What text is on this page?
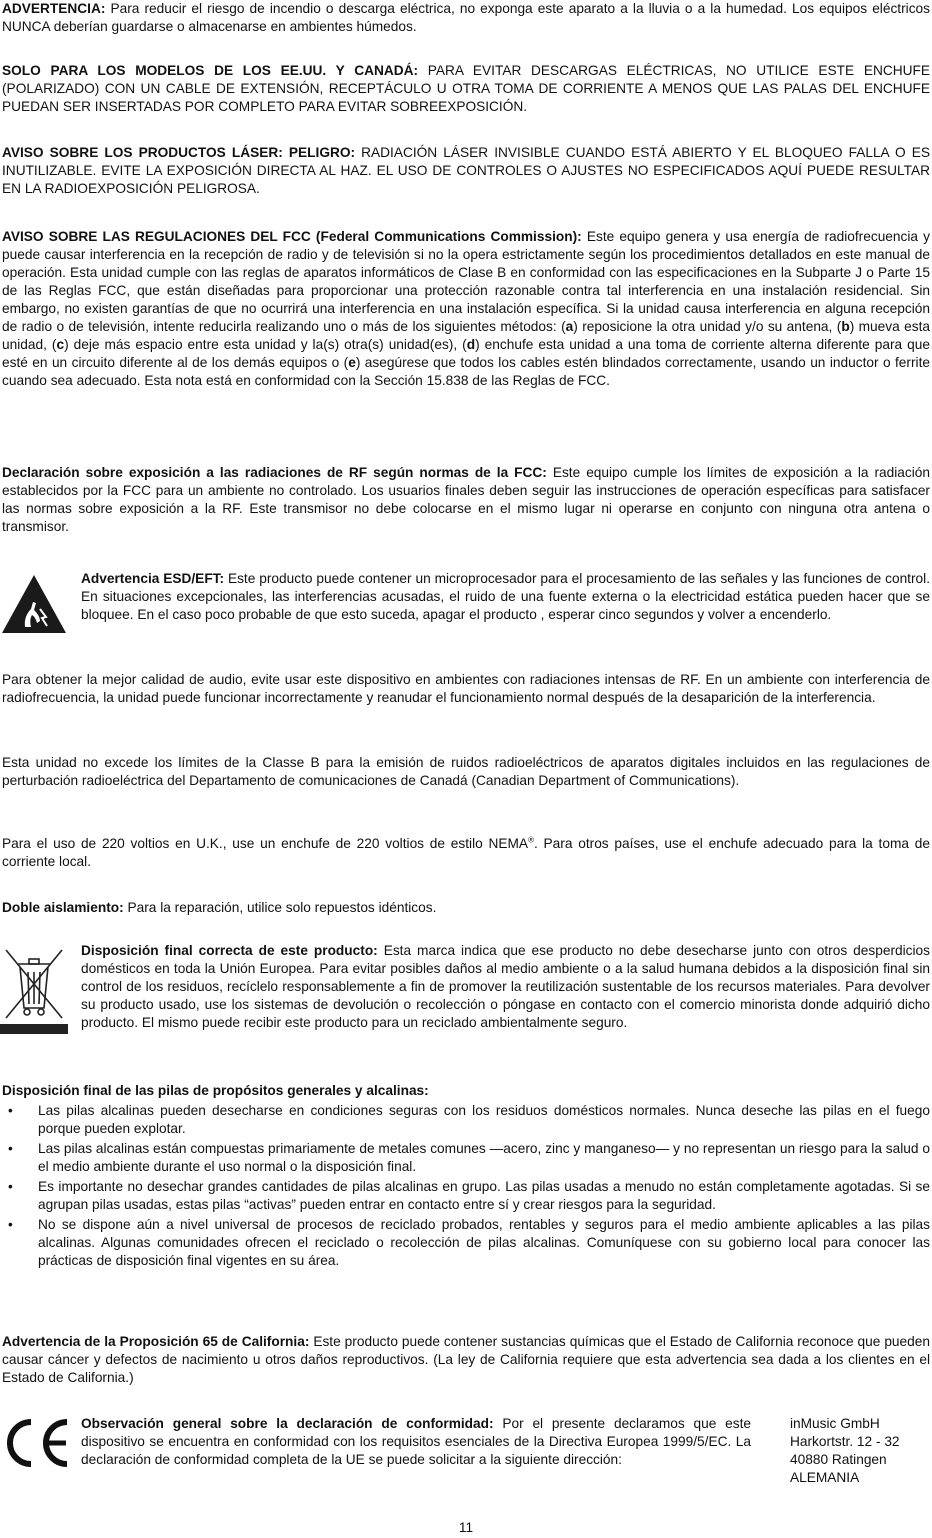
ADVERTENCIA: Para reducir el riesgo de incendio o descarga eléctrica, no exponga este aparato a la lluvia o a la humedad. Los equipos eléctricos NUNCA deberían guardarse o almacenarse en ambientes húmedos.

SOLO PARA LOS MODELOS DE LOS EE.UU. Y CANADÁ: PARA EVITAR DESCARGAS ELÉCTRICAS, NO UTILICE ESTE ENCHUFE (POLARIZADO) CON UN CABLE DE EXTENSIÓN, RECEPTÁCULO U OTRA TOMA DE CORRIENTE A MENOS QUE LAS PALAS DEL ENCHUFE PUEDAN SER INSERTADAS POR COMPLETO PARA EVITAR SOBREEXPOSICIÓN.

AVISO SOBRE LOS PRODUCTOS LÁSER: PELIGRO: RADIACIÓN LÁSER INVISIBLE CUANDO ESTÁ ABIERTO Y EL BLOQUEO FALLA O ES INUTILIZABLE. EVITE LA EXPOSICIÓN DIRECTA AL HAZ. EL USO DE CONTROLES O AJUSTES NO ESPECIFICADOS AQUÍ PUEDE RESULTAR EN LA RADIOEXPOSICIÓN PELIGROSA.

AVISO SOBRE LAS REGULACIONES DEL FCC (Federal Communications Commission): Este equipo genera y usa energía de radiofrecuencia y puede causar interferencia en la recepción de radio y de televisión si no la opera estrictamente según los procedimientos detallados en este manual de operación. Esta unidad cumple con las reglas de aparatos informáticos de Clase B en conformidad con las especificaciones en la Subparte J o Parte 15 de las Reglas FCC, que están diseñadas para proporcionar una protección razonable contra tal interferencia en una instalación residencial. Sin embargo, no existen garantías de que no ocurrirá una interferencia en una instalación específica. Si la unidad causa interferencia en alguna recepción de radio o de televisión, intente reducirla realizando uno o más de los siguientes métodos: (a) reposicione la otra unidad y/o su antena, (b) mueva esta unidad, (c) deje más espacio entre esta unidad y la(s) otra(s) unidad(es), (d) enchufe esta unidad a una toma de corriente alterna diferente para que esté en un circuito diferente al de los demás equipos o (e) asegúrese que todos los cables estén blindados correctamente, usando un inductor o ferrite cuando sea adecuado. Esta nota está en conformidad con la Sección 15.838 de las Reglas de FCC.

Declaración sobre exposición a las radiaciones de RF según normas de la FCC: Este equipo cumple los límites de exposición a la radiación establecidos por la FCC para un ambiente no controlado. Los usuarios finales deben seguir las instrucciones de operación específicas para satisfacer las normas sobre exposición a la RF. Este transmisor no debe colocarse en el mismo lugar ni operarse en conjunto con ninguna otra antena o transmisor.

Advertencia ESD/EFT: Este producto puede contener un microprocesador para el procesamiento de las señales y las funciones de control. En situaciones excepcionales, las interferencias acusadas, el ruido de una fuente externa o la electricidad estática pueden hacer que se bloquee. En el caso poco probable de que esto suceda, apagar el producto , esperar cinco segundos y volver a encenderlo.

Para obtener la mejor calidad de audio, evite usar este dispositivo en ambientes con radiaciones intensas de RF. En un ambiente con interferencia de radiofrecuencia, la unidad puede funcionar incorrectamente y reanudar el funcionamiento normal después de la desaparición de la interferencia.

Esta unidad no excede los límites de la Classe B para la emisión de ruidos radioeléctricos de aparatos digitales incluidos en las regulaciones de perturbación radioeléctrica del Departamento de comunicaciones de Canadá (Canadian Department of Communications).

Para el uso de 220 voltios en U.K., use un enchufe de 220 voltios de estilo NEMA®. Para otros países, use el enchufe adecuado para la toma de corriente local.

Doble aislamiento: Para la reparación, utilice solo repuestos idénticos.

Disposición final correcta de este producto: Esta marca indica que ese producto no debe desecharse junto con otros desperdicios domésticos en toda la Unión Europea. Para evitar posibles daños al medio ambiente o a la salud humana debidos a la disposición final sin control de los residuos, recíclelo responsablemente a fin de promover la reutilización sustentable de los recursos materiales. Para devolver su producto usado, use los sistemas de devolución o recolección o póngase en contacto con el comercio minorista donde adquirió dicho producto. El mismo puede recibir este producto para un reciclado ambientalmente seguro.

Disposición final de las pilas de propósitos generales y alcalinas:

• Las pilas alcalinas pueden desecharse en condiciones seguras con los residuos domésticos normales. Nunca deseche las pilas en el fuego porque pueden explotar.
• Las pilas alcalinas están compuestas primariamente de metales comunes —acero, zinc y manganeso— y no representan un riesgo para la salud o el medio ambiente durante el uso normal o la disposición final.
• Es importante no desechar grandes cantidades de pilas alcalinas en grupo. Las pilas usadas a menudo no están completamente agotadas. Si se agrupan pilas usadas, estas pilas “activas” pueden entrar en contacto entre sí y crear riesgos para la seguridad.
• No se dispone aún a nivel universal de procesos de reciclado probados, rentables y seguros para el medio ambiente aplicables a las pilas alcalinas. Algunas comunidades ofrecen el reciclado o recolección de pilas alcalinas. Comuníquese con su gobierno local para conocer las prácticas de disposición final vigentes en su área.

Advertencia de la Proposición 65 de California: Este producto puede contener sustancias químicas que el Estado de California reconoce que pueden causar cáncer y defectos de nacimiento u otros daños reproductivos. (La ley de California requiere que esta advertencia sea dada a los clientes en el Estado de California.)

Observación general sobre la declaración de conformidad: Por el presente declaramos que este dispositivo se encuentra en conformidad con los requisitos esenciales de la Directiva Europea 1999/5/EC. La declaración de conformidad completa de la UE se puede solicitar a la siguiente dirección:

inMusic GmbH
Harkortstr. 12 - 32
40880 Ratingen
ALEMANIA
11
